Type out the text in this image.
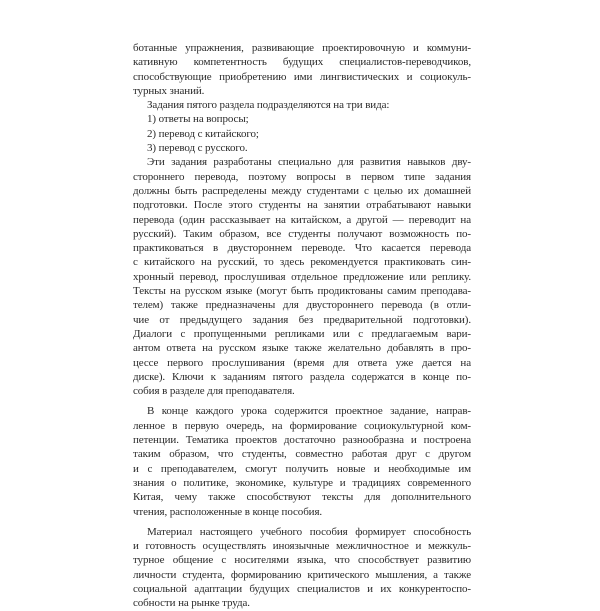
ботанные упражнения, развивающие проектировочную и коммуни-
кативную компетентность будущих специалистов-переводчиков,
способствующие приобретению ими лингвистических и социокуль-
турных знаний.

Задания пятого раздела подразделяются на три вида:

1) ответы на вопросы;
2) перевод с китайского;
3) перевод с русского.

Эти задания разработаны специально для развития навыков дву-
стороннего перевода, поэтому вопросы в первом типе задания
должны быть распределены между студентами с целью их домашней
подготовки. После этого студенты на занятии отрабатывают навыки
перевода (один рассказывает на китайском, а другой — переводит на
русский). Таким образом, все студенты получают возможность по-
практиковаться в двустороннем переводе. Что касается перевода
с китайского на русский, то здесь рекомендуется практиковать син-
хронный перевод, прослушивая отдельное предложение или реплику.
Тексты на русском языке (могут быть продиктованы самим преподава-
телем) также предназначены для двустороннего перевода (в отли-
чие от предыдущего задания без предварительной подготовки).
Диалоги с пропущенными репликами или с предлагаемым вари-
антом ответа на русском языке также желательно добавлять в про-
цессе первого прослушивания (время для ответа уже дается на
диске). Ключи к заданиям пятого раздела содержатся в конце по-
собия в разделе для преподавателя.

В конце каждого урока содержится проектное задание, направ-
ленное в первую очередь, на формирование социокультурной ком-
петенции. Тематика проектов достаточно разнообразна и построена
таким образом, что студенты, совместно работая друг с другом
и с преподавателем, смогут получить новые и необходимые им
знания о политике, экономике, культуре и традициях современного
Китая, чему также способствуют тексты для дополнительного
чтения, расположенные в конце пособия.

Материал настоящего учебного пособия формирует способность
и готовность осуществлять иноязычные межличностное и межкуль-
турное общение с носителями языка, что способствует развитию
личности студента, формированию критического мышления, а также
социальной адаптации будущих специалистов и их конкурентоспо-
собности на рынке труда.
